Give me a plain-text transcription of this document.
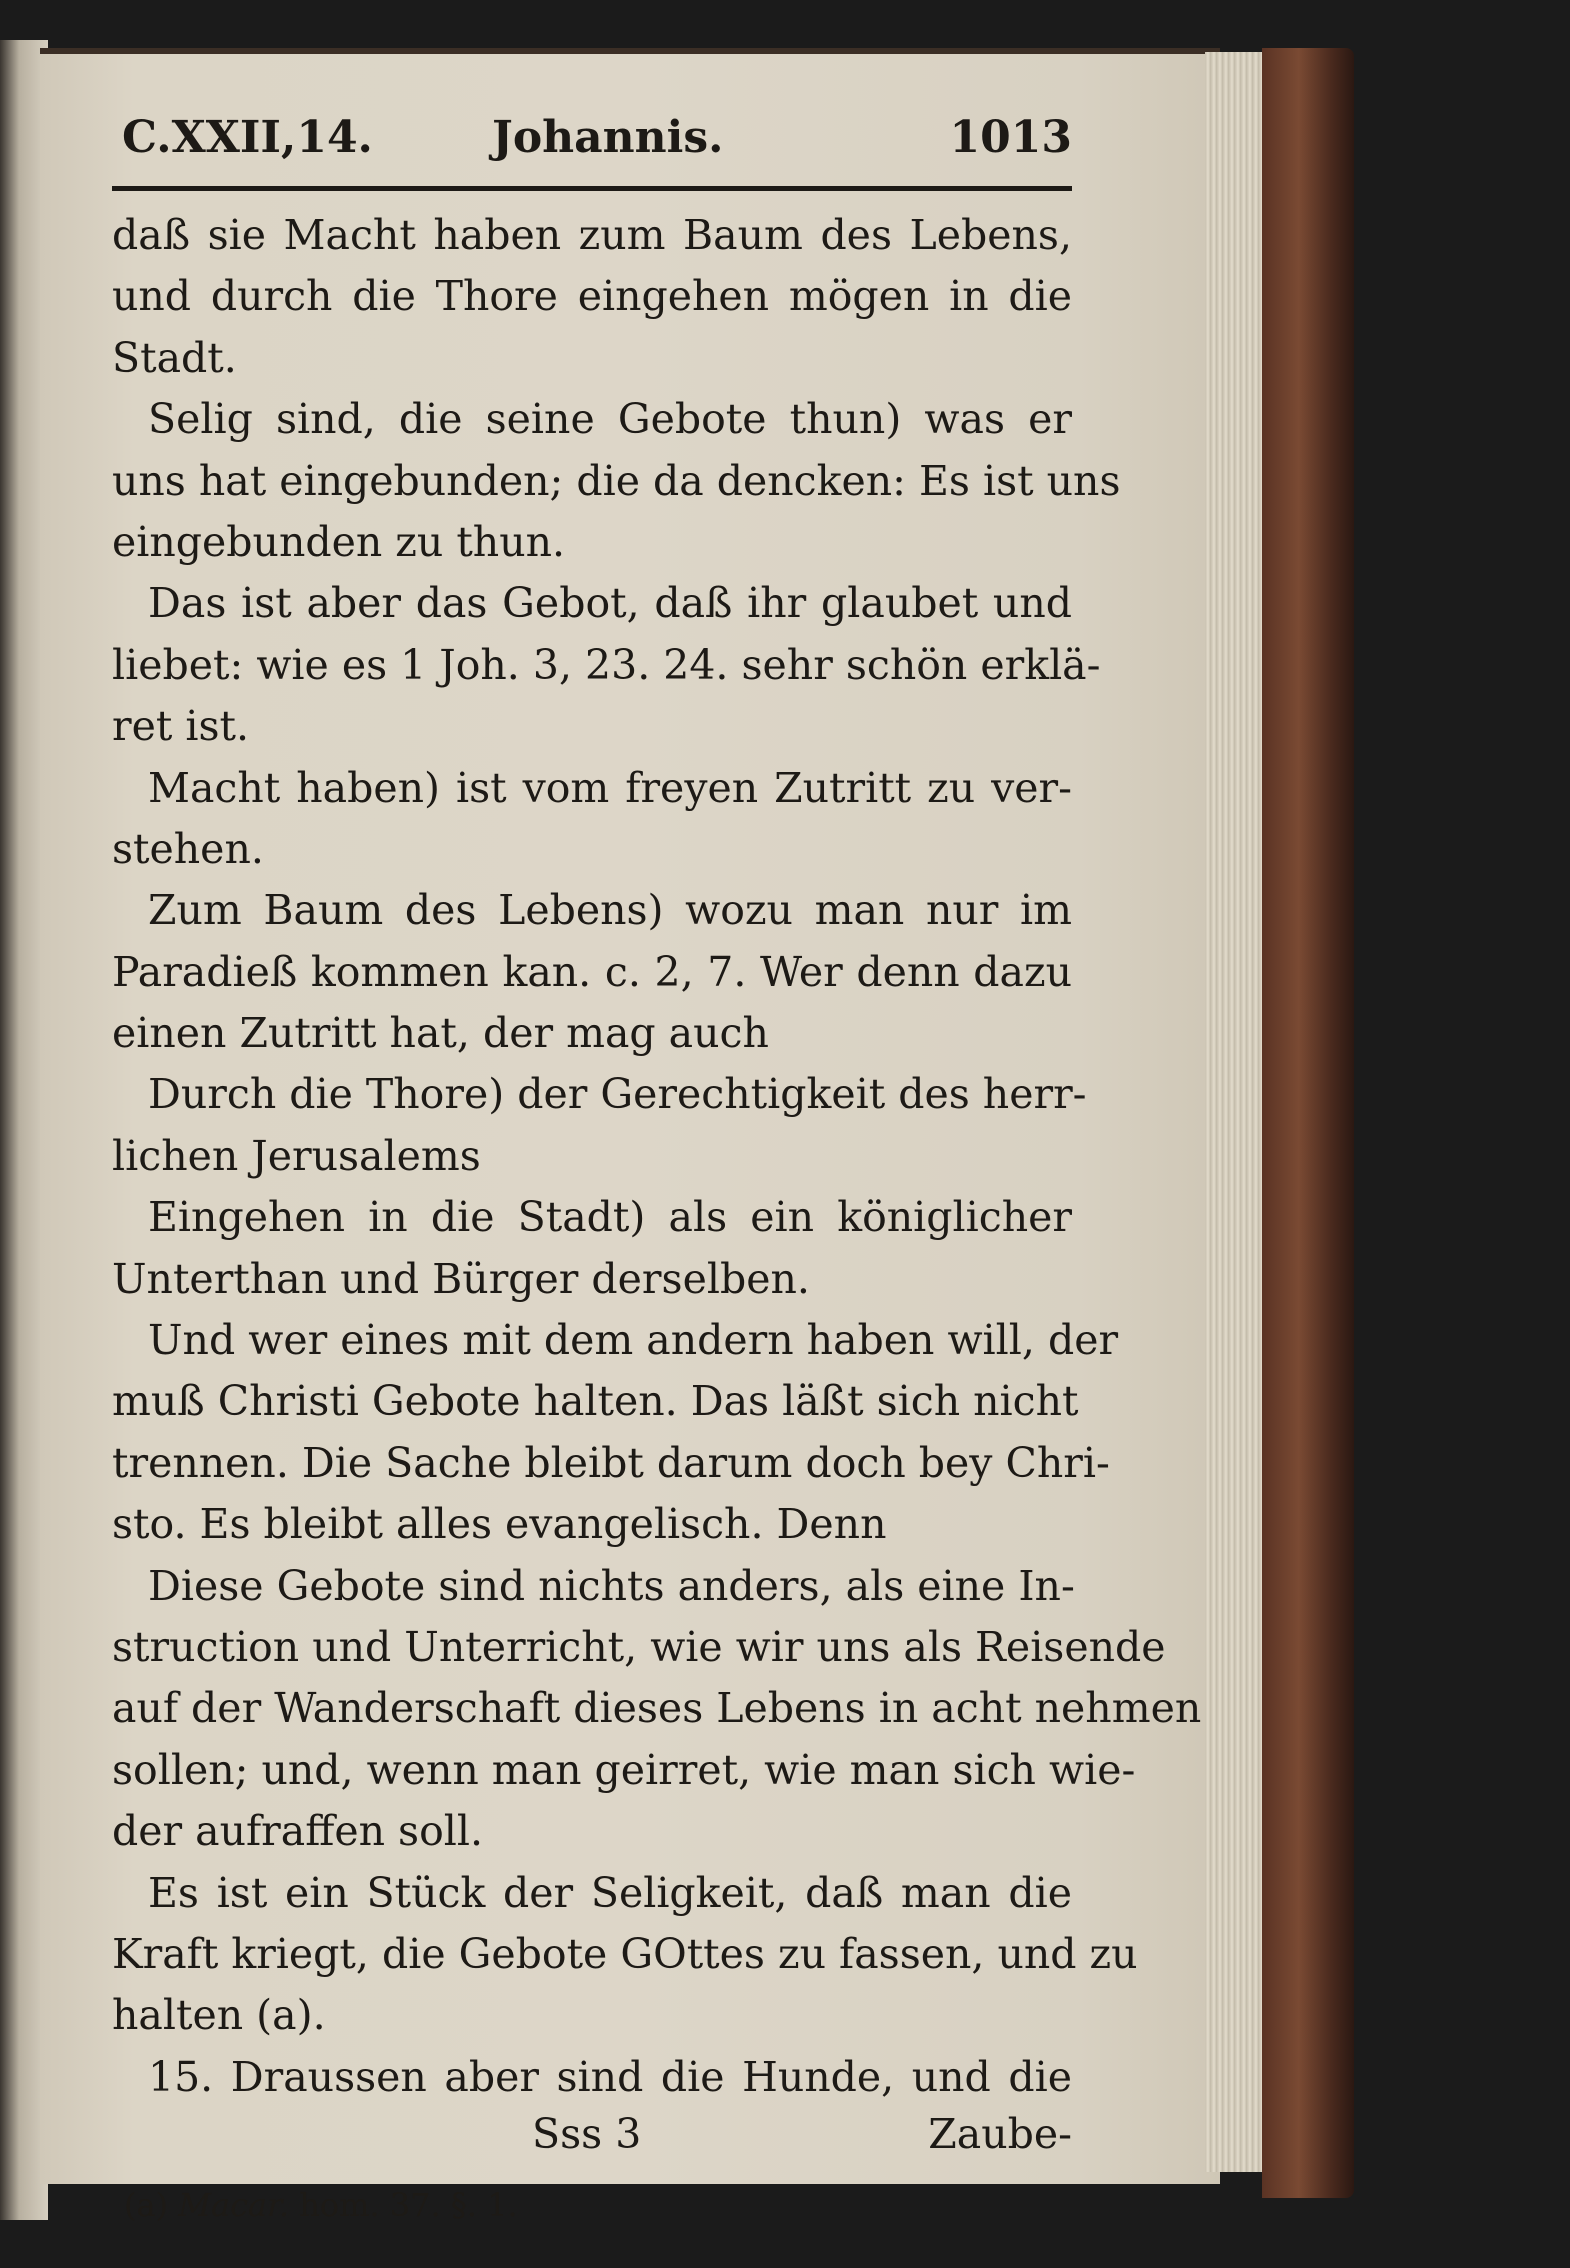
C.XXII,14.	Johannis.	1013
daß sie Macht haben zum Baum des Lebens,
und durch die Thore eingehen mögen in die
Stadt.
Selig sind, die seine Gebote thun) was er
uns hat eingebunden; die da dencken: Es ist uns
eingebunden zu thun.
Das ist aber das Gebot, daß ihr glaubet und
liebet: wie es 1 Joh. 3, 23. 24. sehr schön erklä-
ret ist.
Macht haben) ist vom freyen Zutritt zu ver-
stehen.
Zum Baum des Lebens) wozu man nur im
Paradieß kommen kan. c. 2, 7. Wer denn dazu
einen Zutritt hat, der mag auch
Durch die Thore) der Gerechtigkeit des herr-
lichen Jerusalems
Eingehen in die Stadt) als ein königlicher
Unterthan und Bürger derselben.
Und wer eines mit dem andern haben will, der
muß Christi Gebote halten. Das läßt sich nicht
trennen. Die Sache bleibt darum doch bey Chri-
sto. Es bleibt alles evangelisch. Denn
Diese Gebote sind nichts anders, als eine In-
struction und Unterricht, wie wir uns als Reisende
auf der Wanderschaft dieses Lebens in acht nehmen
sollen; und, wenn man geirret, wie man sich wie-
der aufraffen soll.
Es ist ein Stück der Seligkeit, daß man die
Kraft kriegt, die Gebote GOttes zu fassen, und zu
halten (a).
15. Draussen aber sind die Hunde, und die
Sss 3	Zaube-
(a) Macar. hom. 37. §. 1.
